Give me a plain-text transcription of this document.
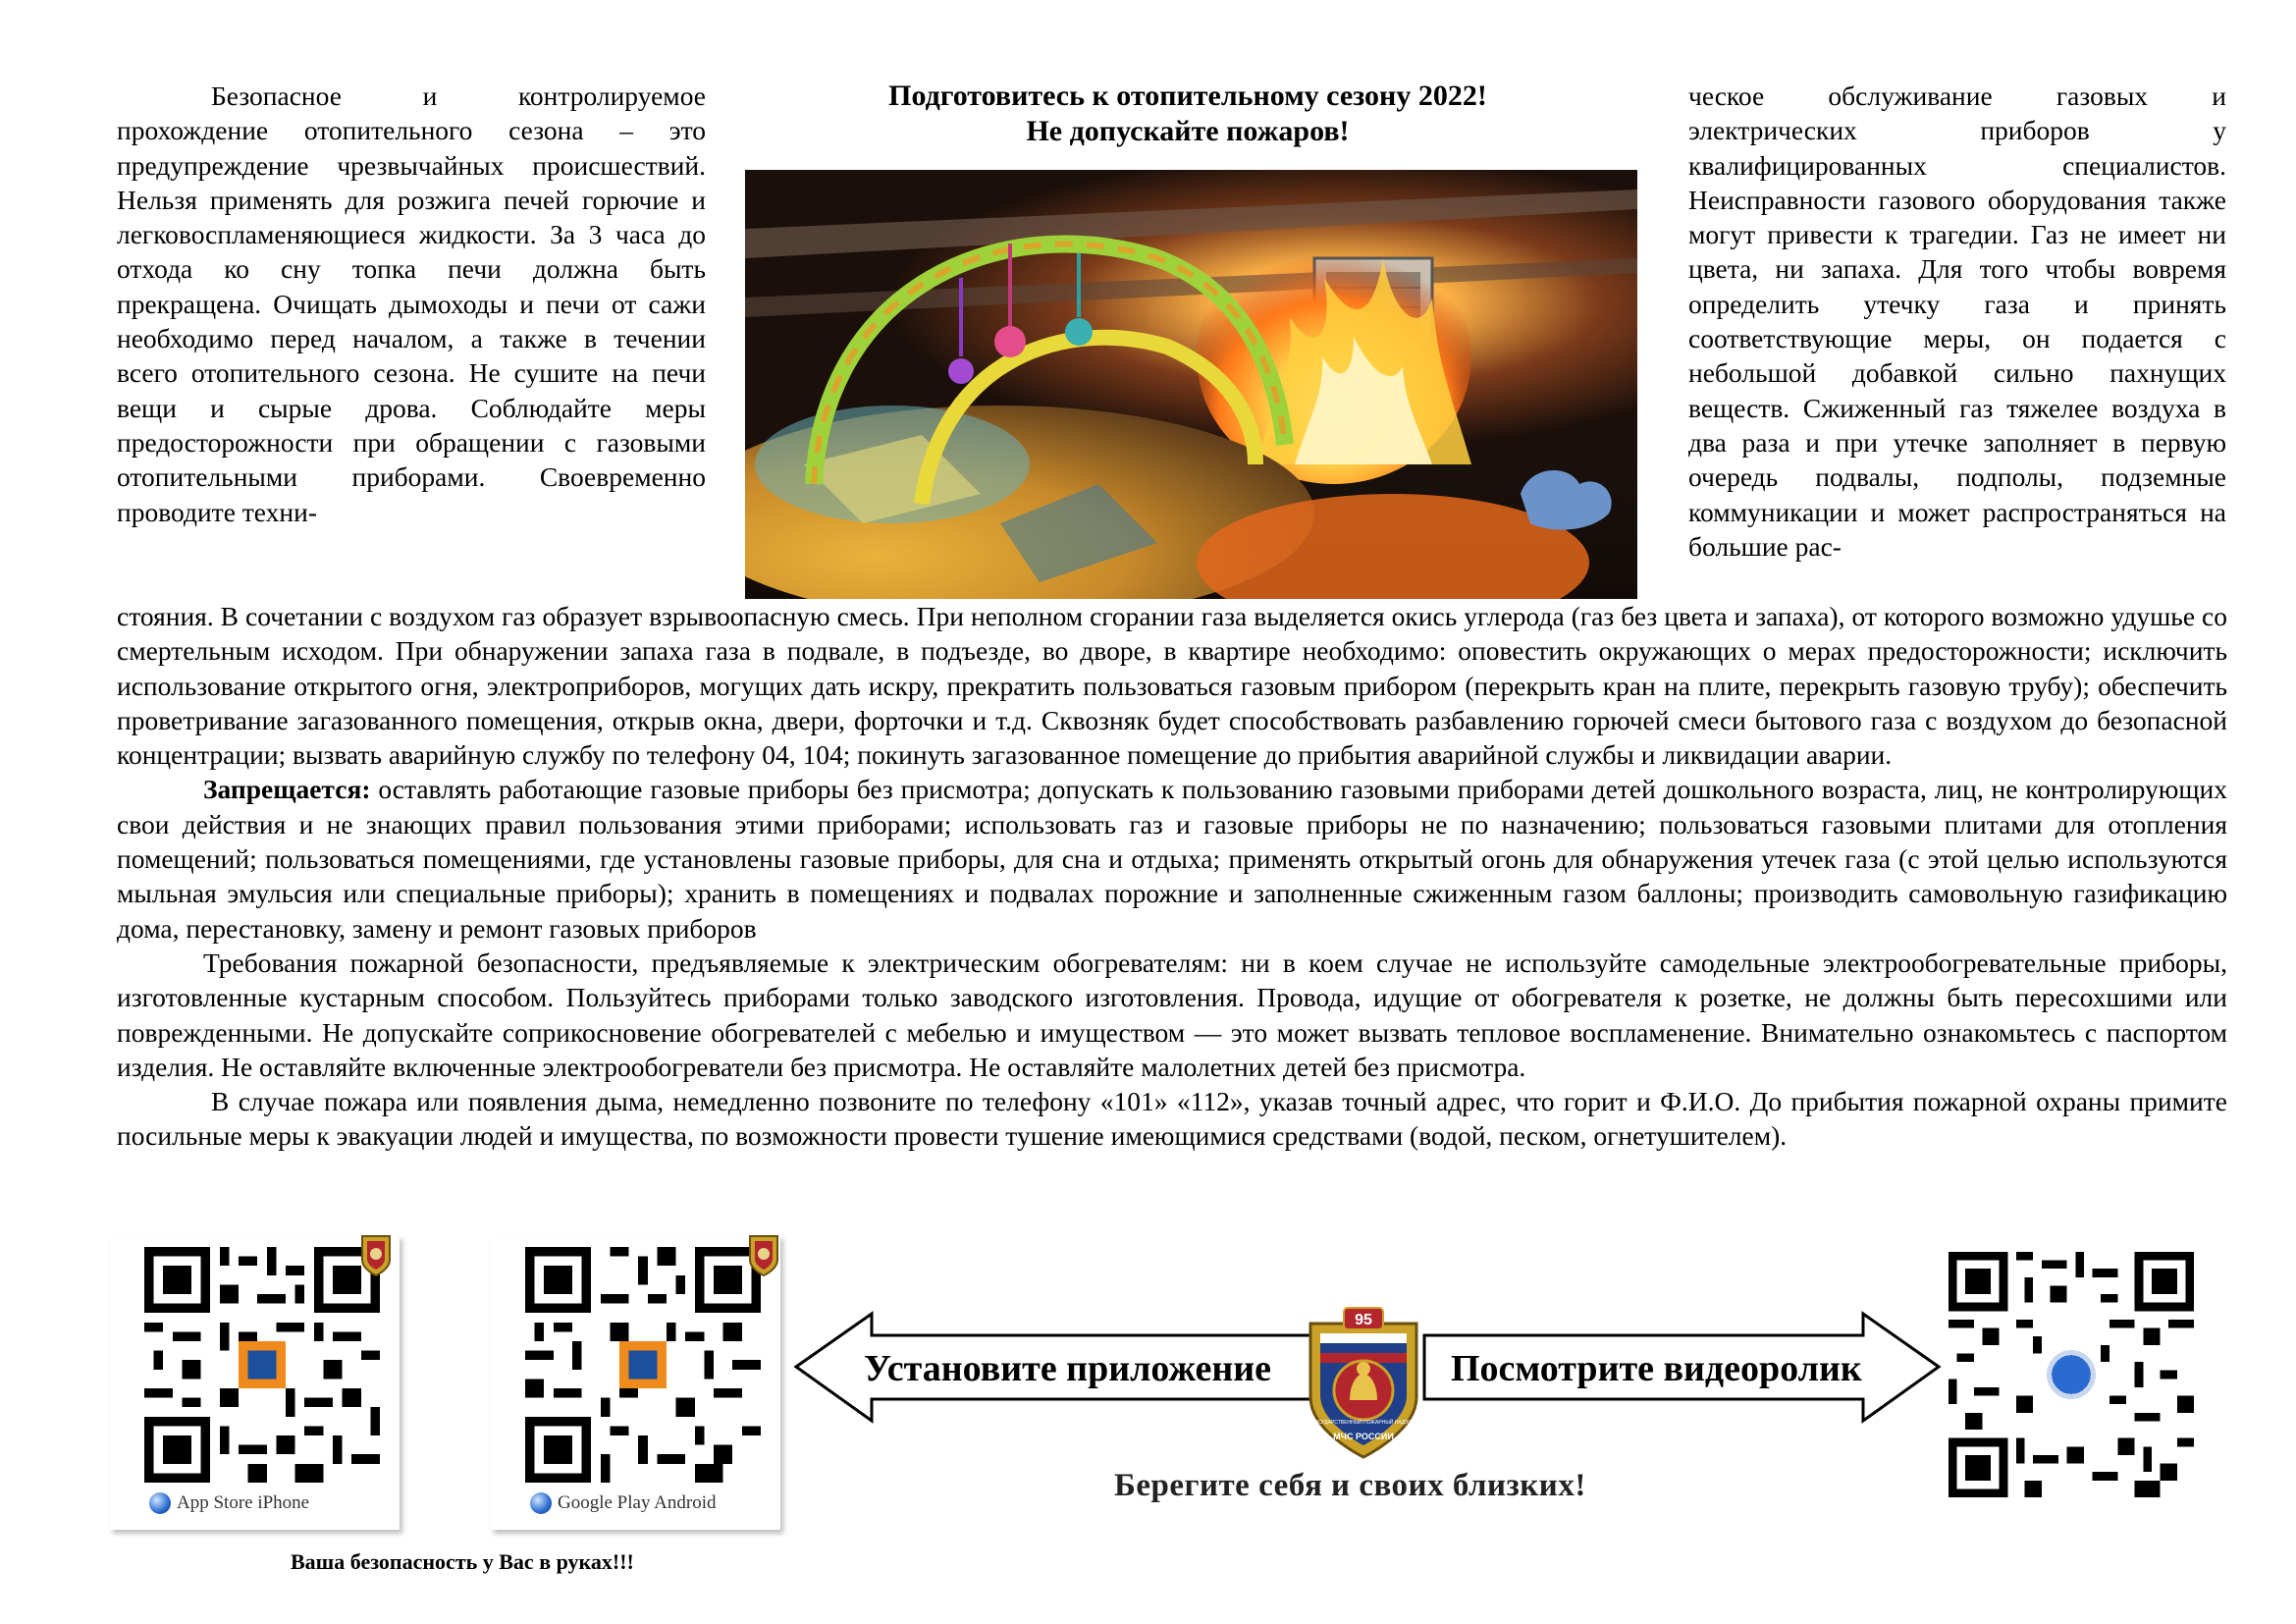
Безопасное и контролируемое прохождение отопительного сезона – это предупреждение чрезвычайных происшествий. Нельзя применять для розжига печей горючие и легковоспламеняющиеся жидкости. За 3 часа до отхода ко сну топка печи должна быть прекращена. Очищать дымоходы и печи от сажи необходимо перед началом, а также в течении всего отопительного сезона. Не сушите на печи вещи и сырые дрова. Соблюдайте меры предосторожности при обращении с газовыми отопительными приборами. Своевременно проводите техни-

Подготовитесь к отопительному сезону 2022!
Не допускайте пожаров!

ческое обслуживание газовых и электрических приборов у квалифицированных специалистов. Неисправности газового оборудования также могут привести к трагедии. Газ не имеет ни цвета, ни запаха. Для того чтобы вовремя определить утечку газа и принять соответствующие меры, он подается с небольшой добавкой сильно пахнущих веществ. Сжиженный газ тяжелее воздуха в два раза и при утечке заполняет в первую очередь подвалы, подполы, подземные коммуникации и может распространяться на большие рас-

стояния. В сочетании с воздухом газ образует взрывоопасную смесь. При неполном сгорании газа выделяется окись углерода (газ без цвета и запаха), от которого возможно удушье со смертельным исходом. При обнаружении запаха газа в подвале, в подъезде, во дворе, в квартире необходимо: оповестить окружающих о мерах предосторожности; исключить использование открытого огня, электроприборов, могущих дать искру, прекратить пользоваться газовым прибором (перекрыть кран на плите, перекрыть газовую трубу); обеспечить проветривание загазованного помещения, открыв окна, двери, форточки и т.д. Сквозняк будет способствовать разбавлению горючей смеси бытового газа с воздухом до безопасной концентрации; вызвать аварийную службу по телефону 04, 104; покинуть загазованное помещение до прибытия аварийной службы и ликвидации аварии.

Запрещается: оставлять работающие газовые приборы без присмотра; допускать к пользованию газовыми приборами детей дошкольного возраста, лиц, не контролирующих свои действия и не знающих правил пользования этими приборами; использовать газ и газовые приборы не по назначению; пользоваться газовыми плитами для отопления помещений; пользоваться помещениями, где установлены газовые приборы, для сна и отдыха; применять открытый огонь для обнаружения утечек газа (с этой целью используются мыльная эмульсия или специальные приборы); хранить в помещениях и подвалах порожние и заполненные сжиженным газом баллоны; производить самовольную газификацию дома, перестановку, замену и ремонт газовых приборов

Требования пожарной безопасности, предъявляемые к электрическим обогревателям: ни в коем случае не используйте самодельные электрообогревательные приборы, изготовленные кустарным способом. Пользуйтесь приборами только заводского изготовления. Провода, идущие от обогревателя к розетке, не должны быть пересохшими или поврежденными. Не допускайте соприкосновение обогревателей с мебелью и имуществом — это может вызвать тепловое воспламенение. Внимательно ознакомьтесь с паспортом изделия. Не оставляйте включенные электрообогреватели без присмотра. Не оставляйте малолетних детей без присмотра.

В случае пожара или появления дыма, немедленно позвоните по телефону «101» «112», указав точный адрес, что горит и Ф.И.О. До прибытия пожарной охраны примите посильные меры к эвакуации людей и имущества, по возможности провести тушение имеющимися средствами (водой, песком, огнетушителем).

App Store iPhone	Google Play Android
Ваша безопасность у Вас в руках!!!
Установите приложение
95
МЧС РОССИИ
ГОСУДАРСТВЕННЫЙ ПОЖАРНЫЙ НАДЗОР
Посмотрите видеоролик
Берегите себя и своих близких!
